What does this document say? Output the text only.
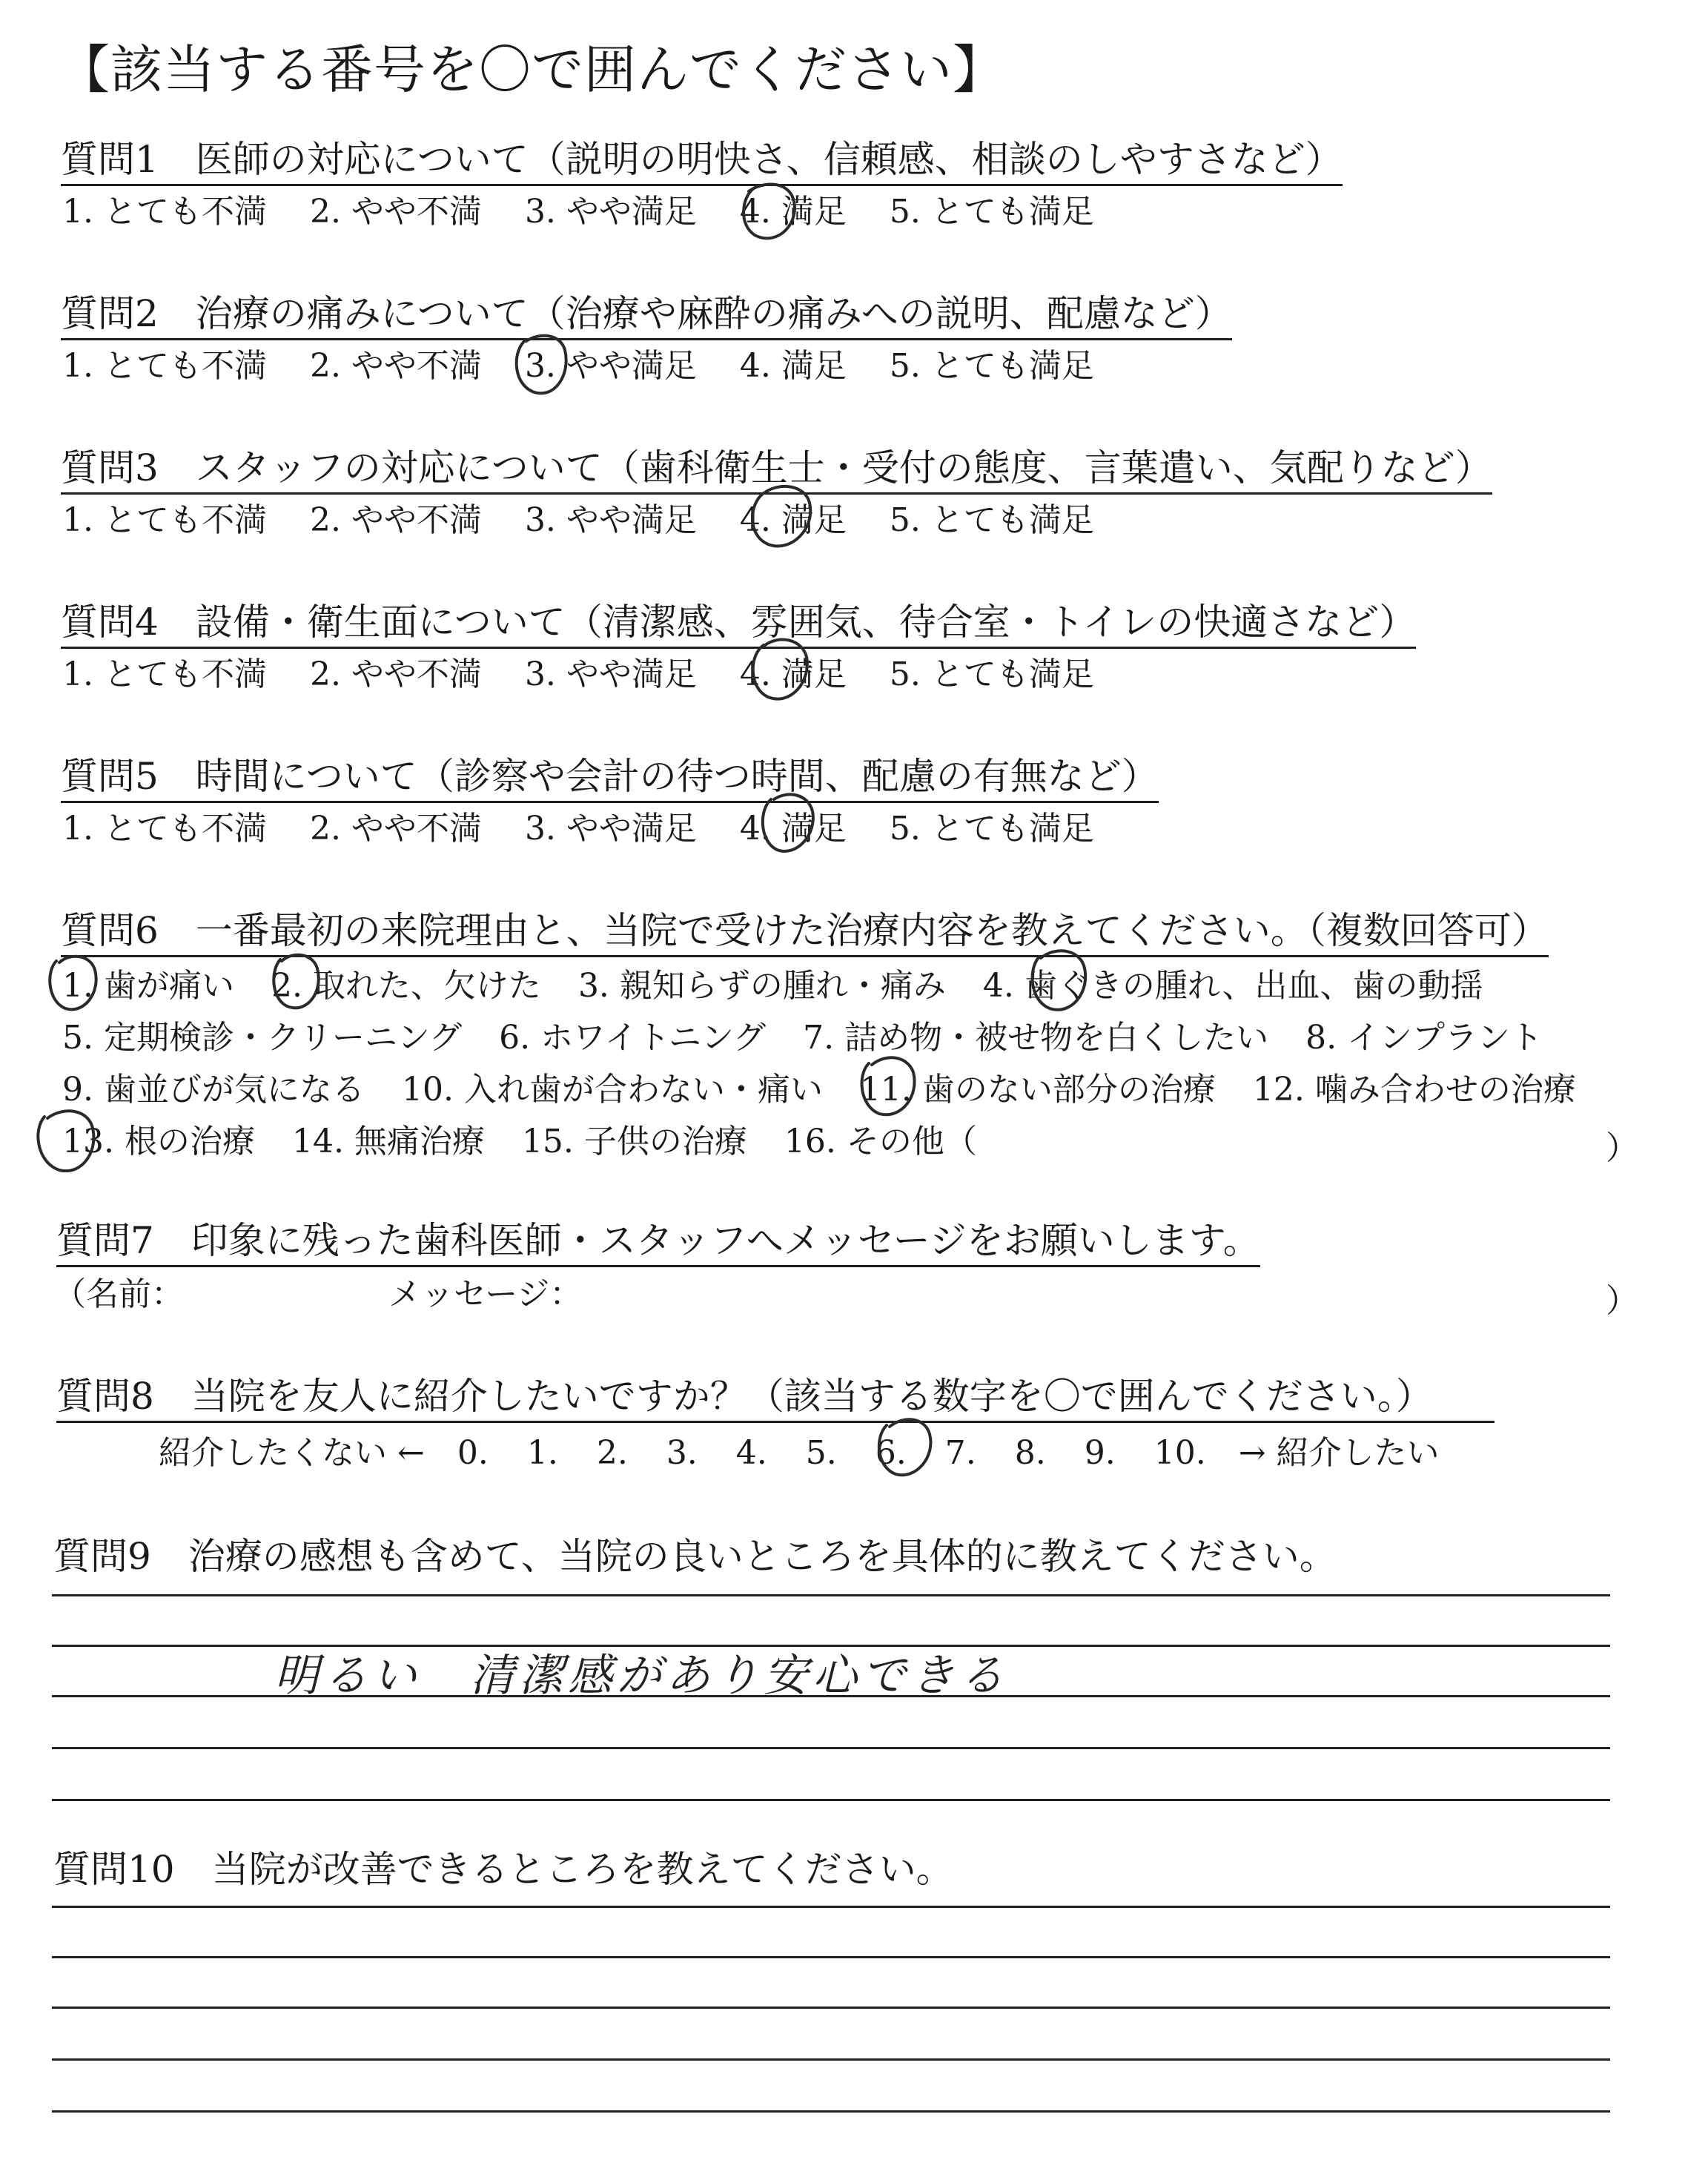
【該当する番号を〇で囲んでください】
質問1　医師の対応について（説明の明快さ、信頼感、相談のしやすさなど）
1. とても不満 2. やや不満 3. やや満足 4. 満足 5. とても満足
質問2　治療の痛みについて（治療や麻酔の痛みへの説明、配慮など）
1. とても不満 2. やや不満 3. やや満足 4. 満足 5. とても満足
質問3　スタッフの対応について（歯科衛生士・受付の態度、言葉遣い、気配りなど）
1. とても不満 2. やや不満 3. やや満足 4. 満足 5. とても満足
質問4　設備・衛生面について（清潔感、雰囲気、待合室・トイレの快適さなど）
1. とても不満 2. やや不満 3. やや満足 4. 満足 5. とても満足
質問5　時間について（診察や会計の待つ時間、配慮の有無など）
1. とても不満 2. やや不満 3. やや満足 4. 満足 5. とても満足
質問6　一番最初の来院理由と、当院で受けた治療内容を教えてください。（複数回答可）
1. 歯が痛い 2. 取れた、欠けた 3. 親知らずの腫れ・痛み 4. 歯ぐきの腫れ、出血、歯の動揺
5. 定期検診・クリーニング 6. ホワイトニング 7. 詰め物・被せ物を白くしたい 8. インプラント
9. 歯並びが気になる 10. 入れ歯が合わない・痛い 11. 歯のない部分の治療 12. 噛み合わせの治療
13. 根の治療 14. 無痛治療 15. 子供の治療 16. その他（	）
質問7　印象に残った歯科医師・スタッフへメッセージをお願いします。
（名前：	メッセージ：	）
質問8　当院を友人に紹介したいですか？（該当する数字を〇で囲んでください。）
紹介したくない ← 0. 1. 2. 3. 4. 5. 6. 7. 8. 9. 10. → 紹介したい
質問9　治療の感想も含めて、当院の良いところを具体的に教えてください。
明るい　清潔感があり安心できる
質問10　当院が改善できるところを教えてください。
